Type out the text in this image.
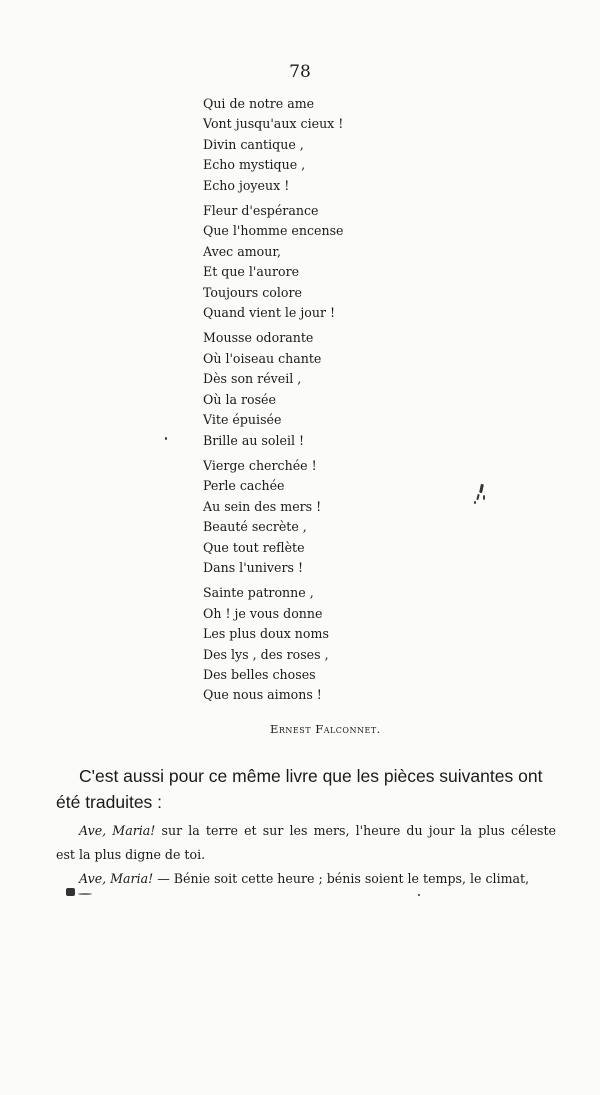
78
Qui de notre ame
Vont jusqu'aux cieux !
Divin cantique ,
Echo mystique ,
Echo joyeux !
Fleur d'espérance
Que l'homme encense
Avec amour,
Et que l'aurore
Toujours colore
Quand vient le jour !
Mousse odorante
Où l'oiseau chante
Dès son réveil ,
Où la rosée
Vite épuisée
Brille au soleil !
Vierge cherchée !
Perle cachée
Au sein des mers !
Beauté secrète ,
Que tout reflète
Dans l'univers !
Sainte patronne ,
Oh ! je vous donne
Les plus doux noms
Des lys , des roses ,
Des belles choses
Que nous aimons !
Ernest Falconnet.
C'est aussi pour ce même livre que les pièces suivantes ont été traduites :

Ave, Maria! sur la terre et sur les mers, l'heure du jour la plus céleste

est la plus digne de toi.

Ave, Maria! — Bénie soit cette heure ; bénis soient le temps, le climat,
